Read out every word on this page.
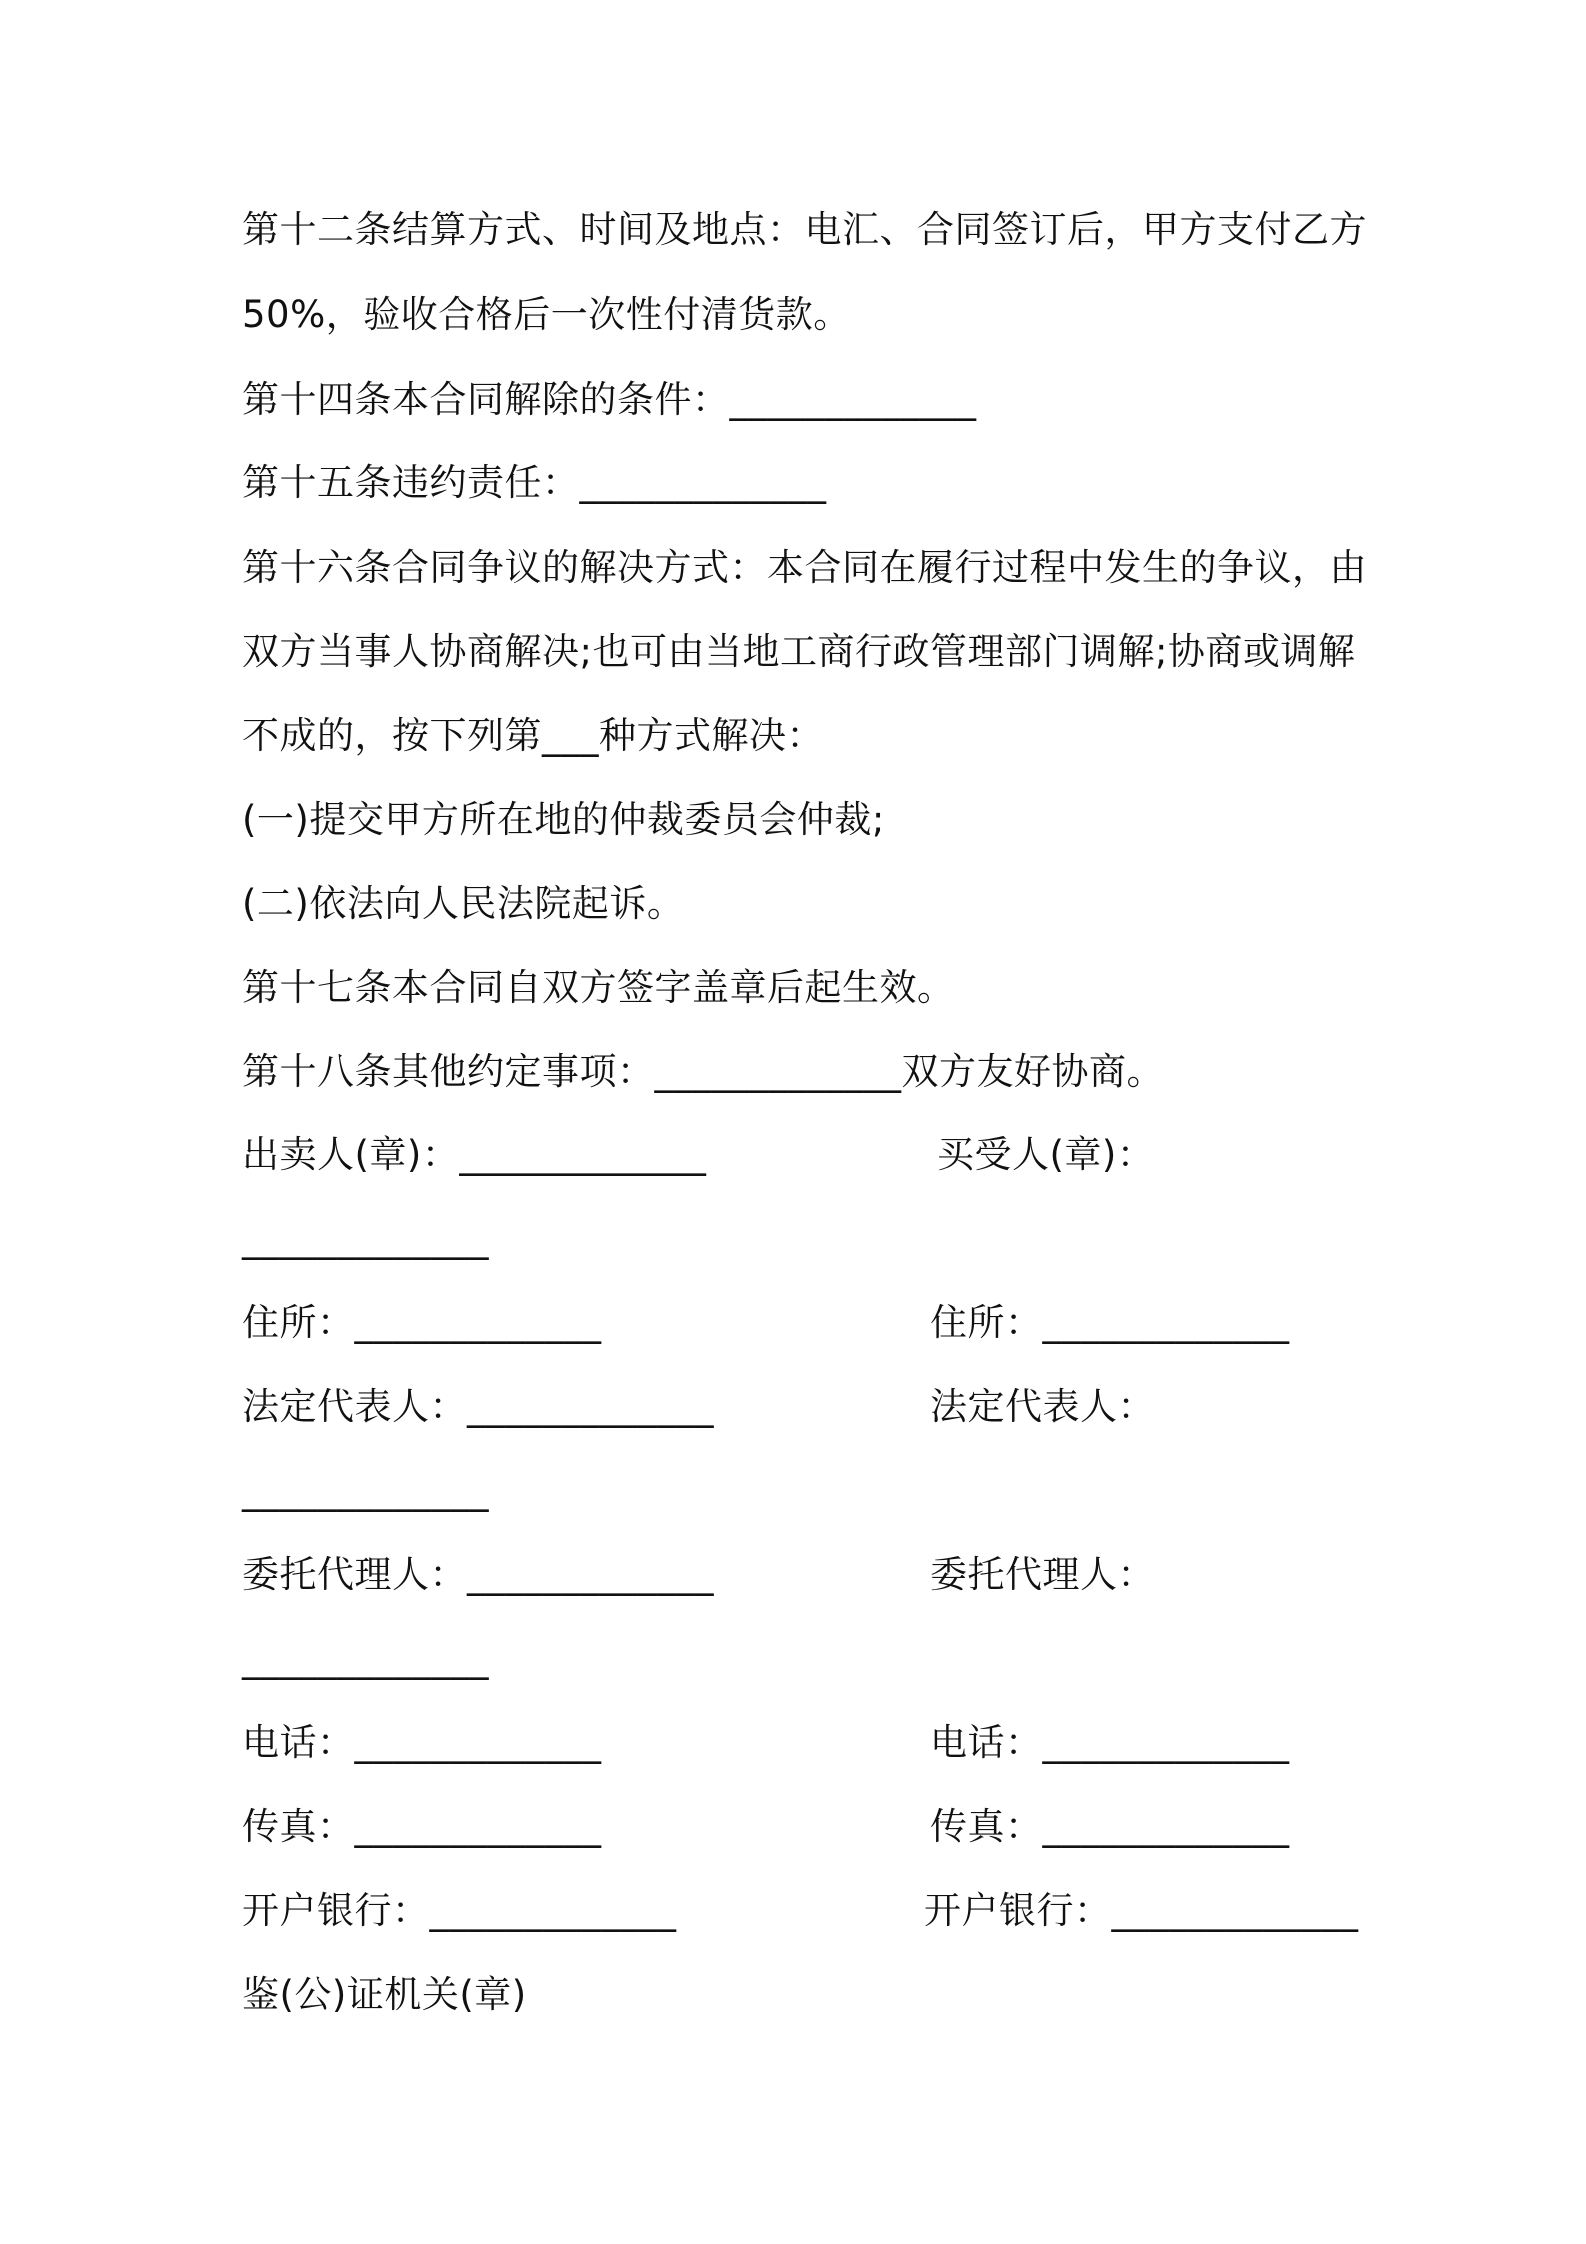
第十二条结算方式、时间及地点：电汇、合同签订后，甲方支付乙方
50%，验收合格后一次性付清货款。
第十四条本合同解除的条件：_____________
第十五条违约责任：_____________
第十六条合同争议的解决方式：本合同在履行过程中发生的争议，由
双方当事人协商解决;也可由当地工商行政管理部门调解;协商或调解
不成的，按下列第___种方式解决：
(一)提交甲方所在地的仲裁委员会仲裁;
(二)依法向人民法院起诉。
第十七条本合同自双方签字盖章后起生效。
第十八条其他约定事项：_____________双方友好协商。
出卖人(章)：_____________	买受人(章)：
_____________
住所：_____________	住所：_____________
法定代表人：_____________	法定代表人：
_____________
委托代理人：_____________	委托代理人：
_____________
电话：_____________	电话：_____________
传真：_____________	传真：_____________
开户银行：_____________	开户银行：_____________
鉴(公)证机关(章)
